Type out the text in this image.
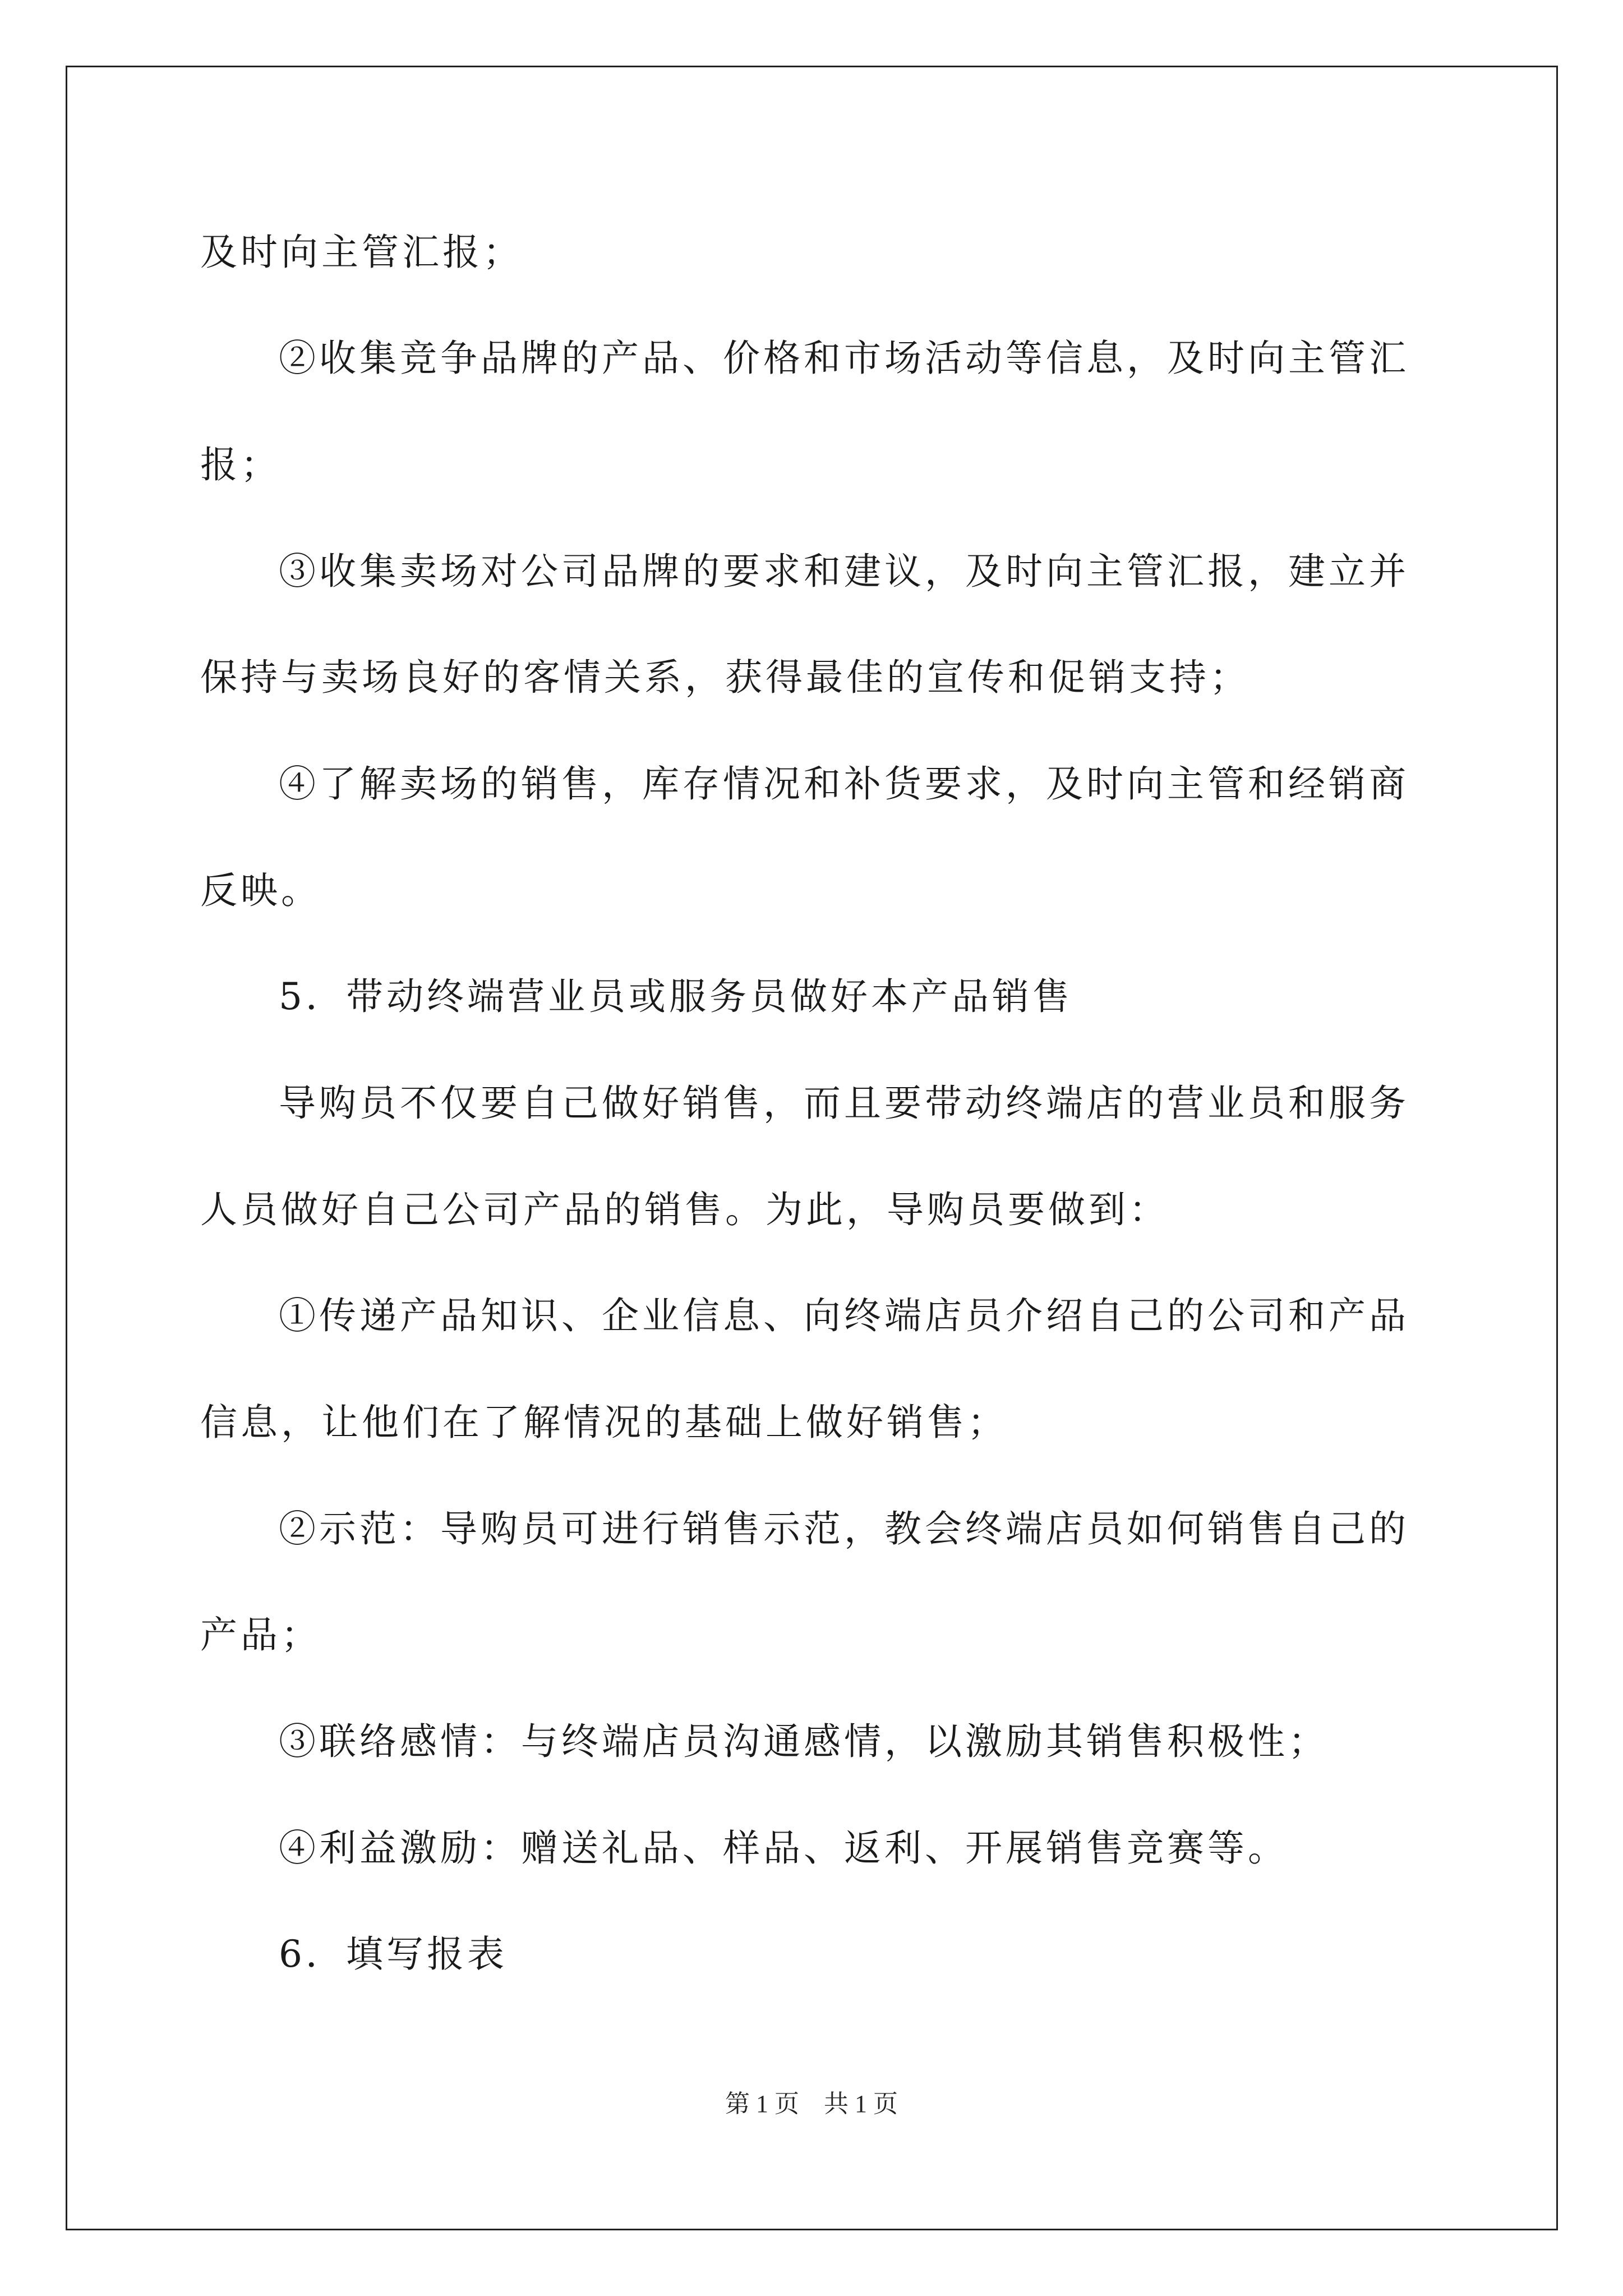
及时向主管汇报；
②收集竞争品牌的产品、价格和市场活动等信息，及时向主管汇
报；
③收集卖场对公司品牌的要求和建议，及时向主管汇报，建立并
保持与卖场良好的客情关系，获得最佳的宣传和促销支持；
④了解卖场的销售，库存情况和补货要求，及时向主管和经销商
反映。
5．带动终端营业员或服务员做好本产品销售
导购员不仅要自己做好销售，而且要带动终端店的营业员和服务
人员做好自己公司产品的销售。为此，导购员要做到：
①传递产品知识、企业信息、向终端店员介绍自己的公司和产品
信息，让他们在了解情况的基础上做好销售；
②示范：导购员可进行销售示范，教会终端店员如何销售自己的
产品；
③联络感情：与终端店员沟通感情，以激励其销售积极性；
④利益激励：赠送礼品、样品、返利、开展销售竞赛等。
6．填写报表
第 1 页　共 1 页
